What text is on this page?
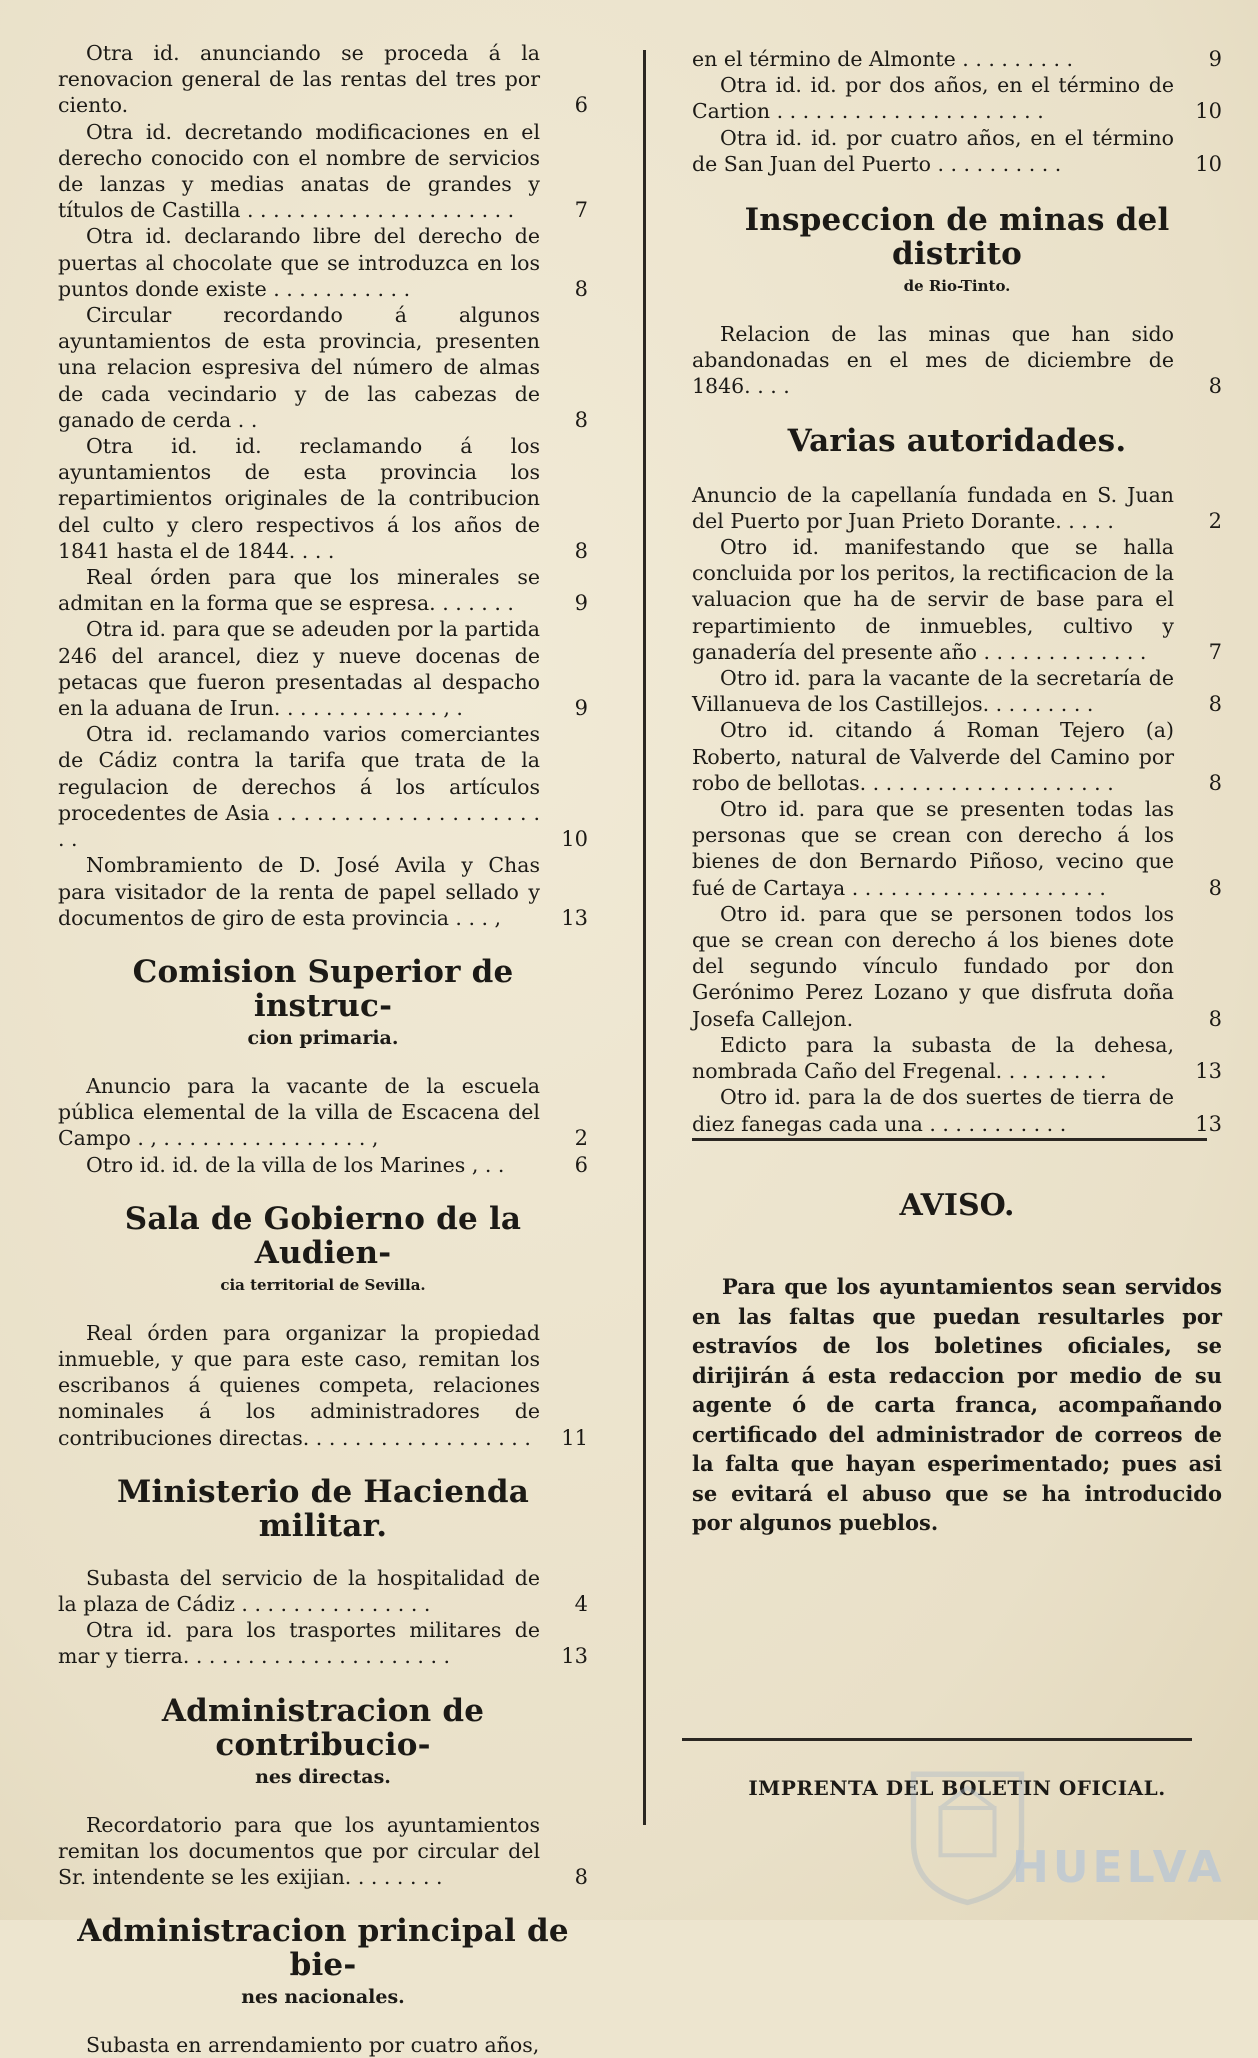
Otra id. anunciando se proceda á la renovacion general de las rentas del tres por ciento.	6
Otra id. decretando modificaciones en el derecho conocido con el nombre de servicios de lanzas y medias anatas de grandes y títulos de Castilla . . . . . . . . . . . . . . . . . . . . .	7
Otra id. declarando libre del derecho de puertas al chocolate que se introduzca en los puntos donde existe . . . . . . . . . . .	8
Circular recordando á algunos ayuntamientos de esta provincia, presenten una relacion espresiva del número de almas de cada vecindario y de las cabezas de ganado de cerda . .	8
Otra id. id. reclamando á los ayuntamientos de esta provincia los repartimientos originales de la contribucion del culto y clero respectivos á los años de 1841 hasta el de 1844. . . .	8
Real órden para que los minerales se admitan en la forma que se espresa. . . . . . .	9
Otra id. para que se adeuden por la partida 246 del arancel, diez y nueve docenas de petacas que fueron presentadas al despacho en la aduana de Irun. . . . . . . . . . . . . , .	9
Otra id. reclamando varios comerciantes de Cádiz contra la tarifa que trata de la regulacion de derechos á los artículos procedentes de Asia . . . . . . . . . . . . . . . . . . . . . .	10
Nombramiento de D. José Avila y Chas para visitador de la renta de papel sellado y documentos de giro de esta provincia . . . ,	13
Comision Superior de instruc-
cion primaria.
Anuncio para la vacante de la escuela pública elemental de la villa de Escacena del Campo . , . . . . . . . . . . . . . . . . ,	2
Otro id. id. de la villa de los Marines , . .	6
Sala de Gobierno de la Audien-
cia territorial de Sevilla.
Real órden para organizar la propiedad inmueble, y que para este caso, remitan los escribanos á quienes competa, relaciones nominales á los administradores de contribuciones directas. . . . . . . . . . . . . . . . . .	11
Ministerio de Hacienda militar.
Subasta del servicio de la hospitalidad de la plaza de Cádiz . . . . . . . . . . . . . . .	4
Otra id. para los trasportes militares de mar y tierra. . . . . . . . . . . . . . . . . . . . .	13
Administracion de contribucio-
nes directas.
Recordatorio para que los ayuntamientos remitan los documentos que por circular del Sr. intendente se les exijian. . . . . . . .	8
Administracion principal de bie-
nes nacionales.
Subasta en arrendamiento por cuatro años,
en el término de Almonte . . . . . . . . .	9
Otra id. id. por dos años, en el término de Cartion . . . . . . . . . . . . . . . . . . . . .	10
Otra id. id. por cuatro años, en el término de San Juan del Puerto . . . . . . . . . .	10
Inspeccion de minas del distrito
de Rio-Tinto.
Relacion de las minas que han sido abandonadas en el mes de diciembre de 1846. . . .	8
Varias autoridades.
Anuncio de la capellanía fundada en S. Juan del Puerto por Juan Prieto Dorante. . . . .	2
Otro id. manifestando que se halla concluida por los peritos, la rectificacion de la valuacion que ha de servir de base para el repartimiento de inmuebles, cultivo y ganadería del presente año . . . . . . . . . . . . .	7
Otro id. para la vacante de la secretaría de Villanueva de los Castillejos. . . . . . . . .	8
Otro id. citando á Roman Tejero (a) Roberto, natural de Valverde del Camino por robo de bellotas. . . . . . . . . . . . . . . . . . . .	8
Otro id. para que se presenten todas las personas que se crean con derecho á los bienes de don Bernardo Piñoso, vecino que fué de Cartaya . . . . . . . . . . . . . . . . . . . .	8
Otro id. para que se personen todos los que se crean con derecho á los bienes dote del segundo vínculo fundado por don Gerónimo Perez Lozano y que disfruta doña Josefa Callejon.	8
Edicto para la subasta de la dehesa, nombrada Caño del Fregenal. . . . . . . . .	13
Otro id. para la de dos suertes de tierra de diez fanegas cada una . . . . . . . . . . .	13
AVISO.
Para que los ayuntamientos sean servidos en las faltas que puedan resultarles por estravíos de los boletines oficiales, se dirijirán á esta redaccion por medio de su agente ó de carta franca, acompañando certificado del administrador de correos de la falta que hayan esperimentado; pues asi se evitará el abuso que se ha introducido por algunos pueblos.
IMPRENTA DEL BOLETIN OFICIAL.
HUELVA
